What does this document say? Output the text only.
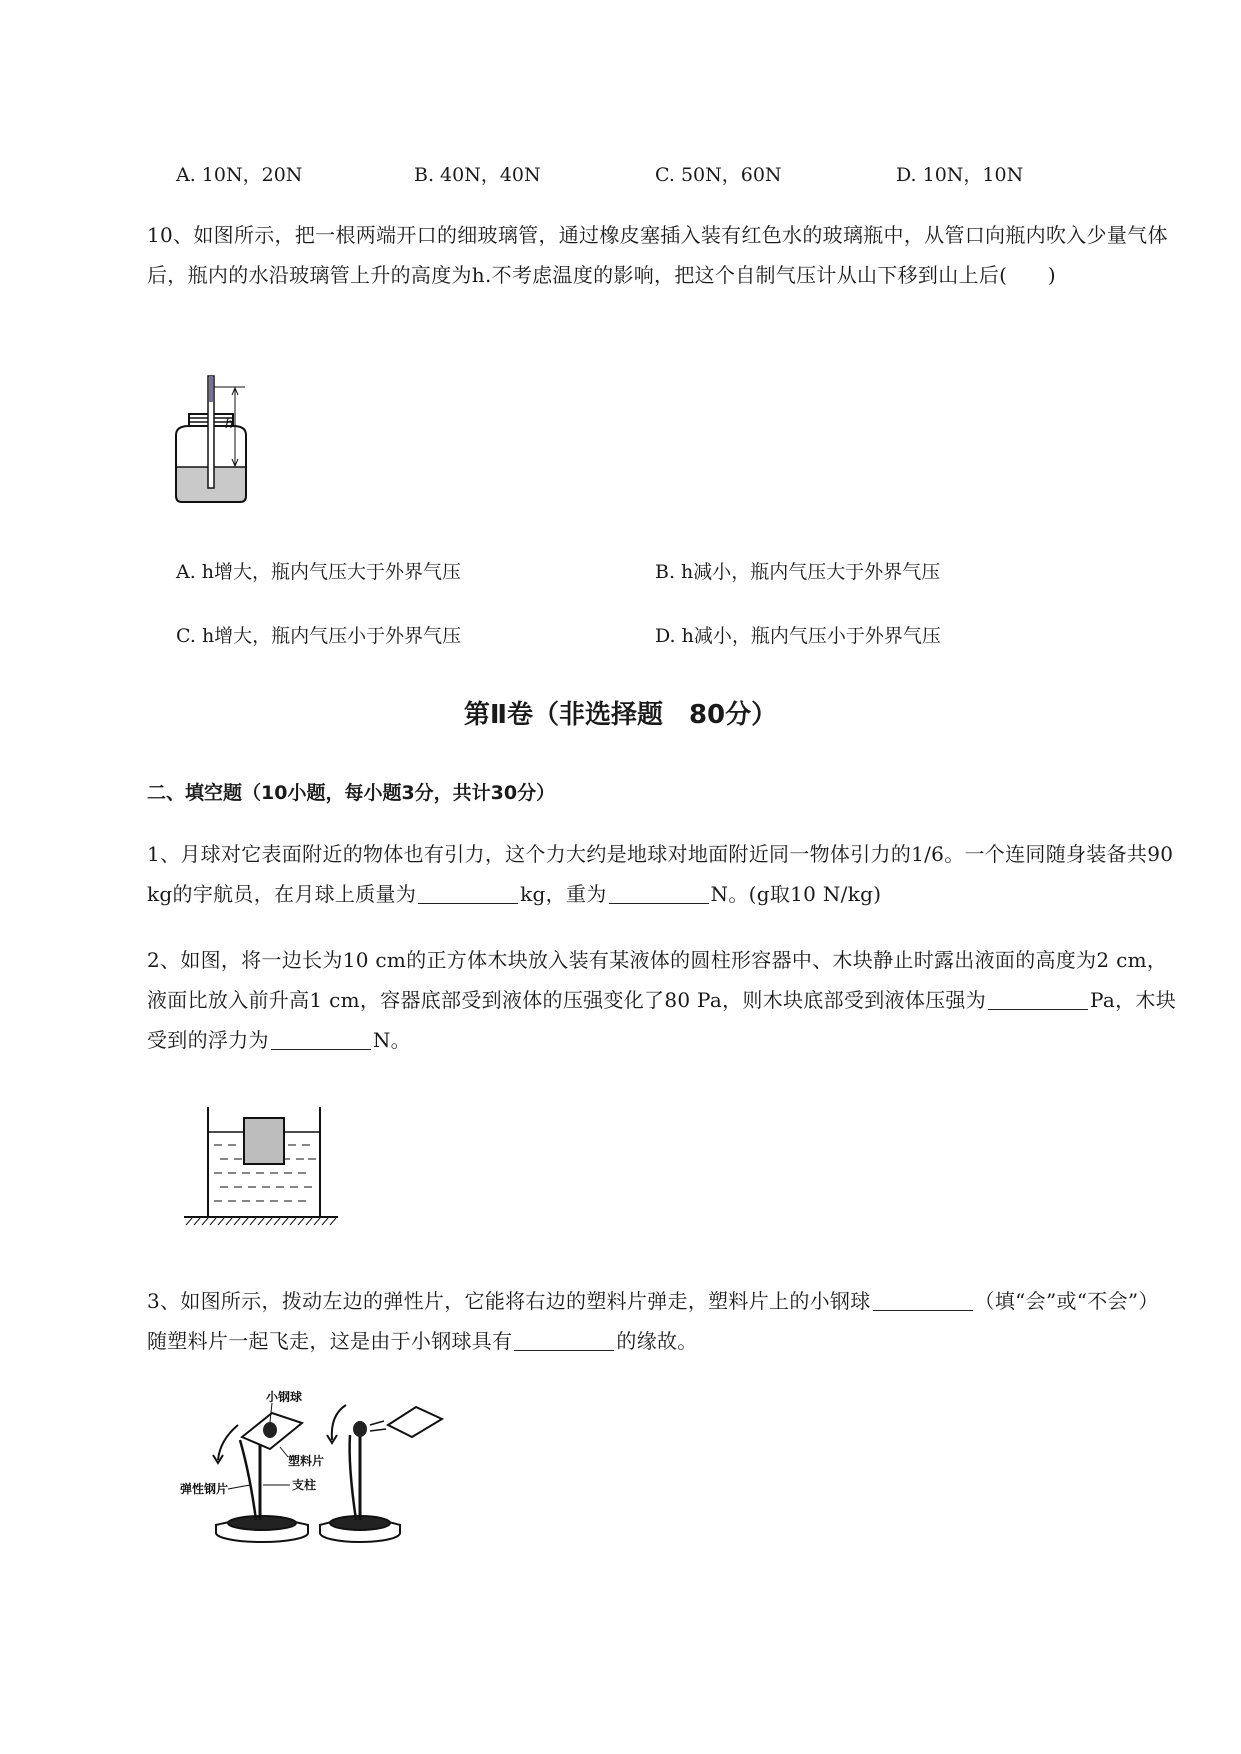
A. 10N，20N	B. 40N，40N	C. 50N，60N	D. 10N，10N
10、如图所示，把一根两端开口的细玻璃管，通过橡皮塞插入装有红色水的玻璃瓶中，从管口向瓶内吹入少量气体后，瓶内的水沿玻璃管上升的高度为h.不考虑温度的影响，把这个自制气压计从山下移到山上后(　　)
h
A. h增大，瓶内气压大于外界气压	B. h减小，瓶内气压大于外界气压
C. h增大，瓶内气压小于外界气压	D. h减小，瓶内气压小于外界气压
第Ⅱ卷（非选择题　80分）
二、填空题（10小题，每小题3分，共计30分）
1、月球对它表面附近的物体也有引力，这个力大约是地球对地面附近同一物体引力的1/6。一个连同随身装备共90 kg的宇航员，在月球上质量为	kg，重为	N。(g取10 N/kg)
2、如图，将一边长为10 cm的正方体木块放入装有某液体的圆柱形容器中、木块静止时露出液面的高度为2 cm，液面比放入前升高1 cm，容器底部受到液体的压强变化了80 Pa，则木块底部受到液体压强为	Pa，木块受到的浮力为	N。
3、如图所示，拨动左边的弹性片，它能将右边的塑料片弹走，塑料片上的小钢球	（填“会”或“不会”）随塑料片一起飞走，这是由于小钢球具有	的缘故。
小钢球
塑料片
弹性钢片	支柱
